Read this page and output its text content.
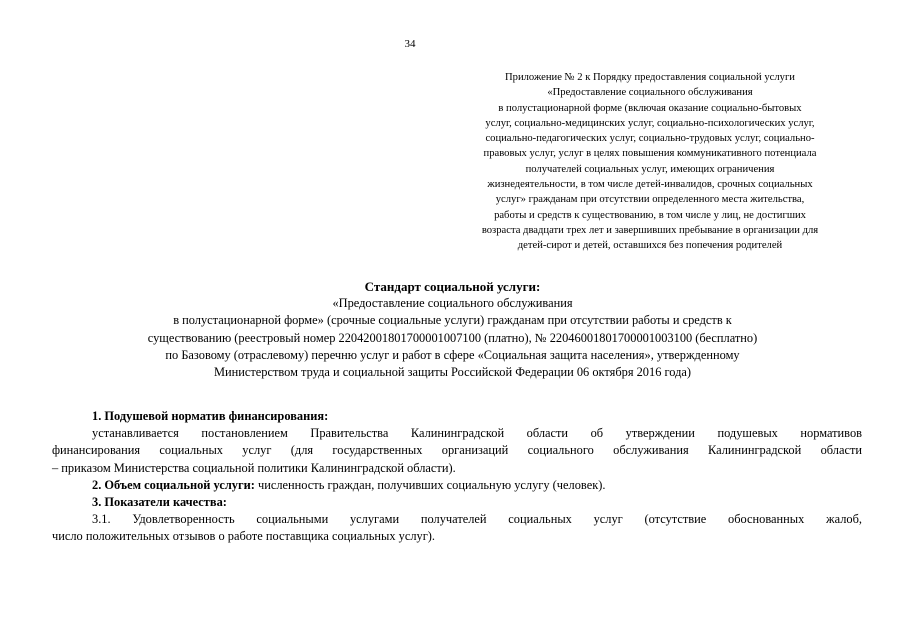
34
Приложение № 2 к Порядку предоставления социальной услуги
«Предоставление социального обслуживания
в полустационарной форме (включая оказание социально-бытовых
услуг, социально-медицинских услуг, социально-психологических услуг,
социально-педагогических услуг, социально-трудовых услуг, социально-
правовых услуг, услуг в целях повышения коммуникативного потенциала
получателей социальных услуг, имеющих ограничения
жизнедеятельности, в том числе детей-инвалидов, срочных социальных
услуг» гражданам при отсутствии определенного места жительства,
работы и средств к существованию, в том числе у лиц, не достигших
возраста двадцати трех лет и завершивших пребывание в организации для
детей-сирот и детей, оставшихся без попечения родителей
Стандарт социальной услуги:
«Предоставление социального обслуживания
в полустационарной форме» (срочные социальные услуги) гражданам при отсутствии работы и средств к
существованию (реестровый номер 22042001801700001007100 (платно), № 22046001801700001003100 (бесплатно)
по Базовому (отраслевому) перечню услуг и работ в сфере «Социальная защита населения», утвержденному
Министерством труда и социальной защиты Российской Федерации 06 октября 2016 года)
1. Подушевой норматив финансирования:
устанавливается постановлением Правительства Калининградской области об утверждении подушевых нормативов
финансирования социальных услуг (для государственных организаций социального обслуживания Калининградской области
– приказом Министерства социальной политики Калининградской области).
2. Объем социальной услуги: численность граждан, получивших социальную услугу (человек).
3. Показатели качества:
3.1. Удовлетворенность социальными услугами получателей социальных услуг (отсутствие обоснованных жалоб,
число положительных отзывов о работе поставщика социальных услуг).
